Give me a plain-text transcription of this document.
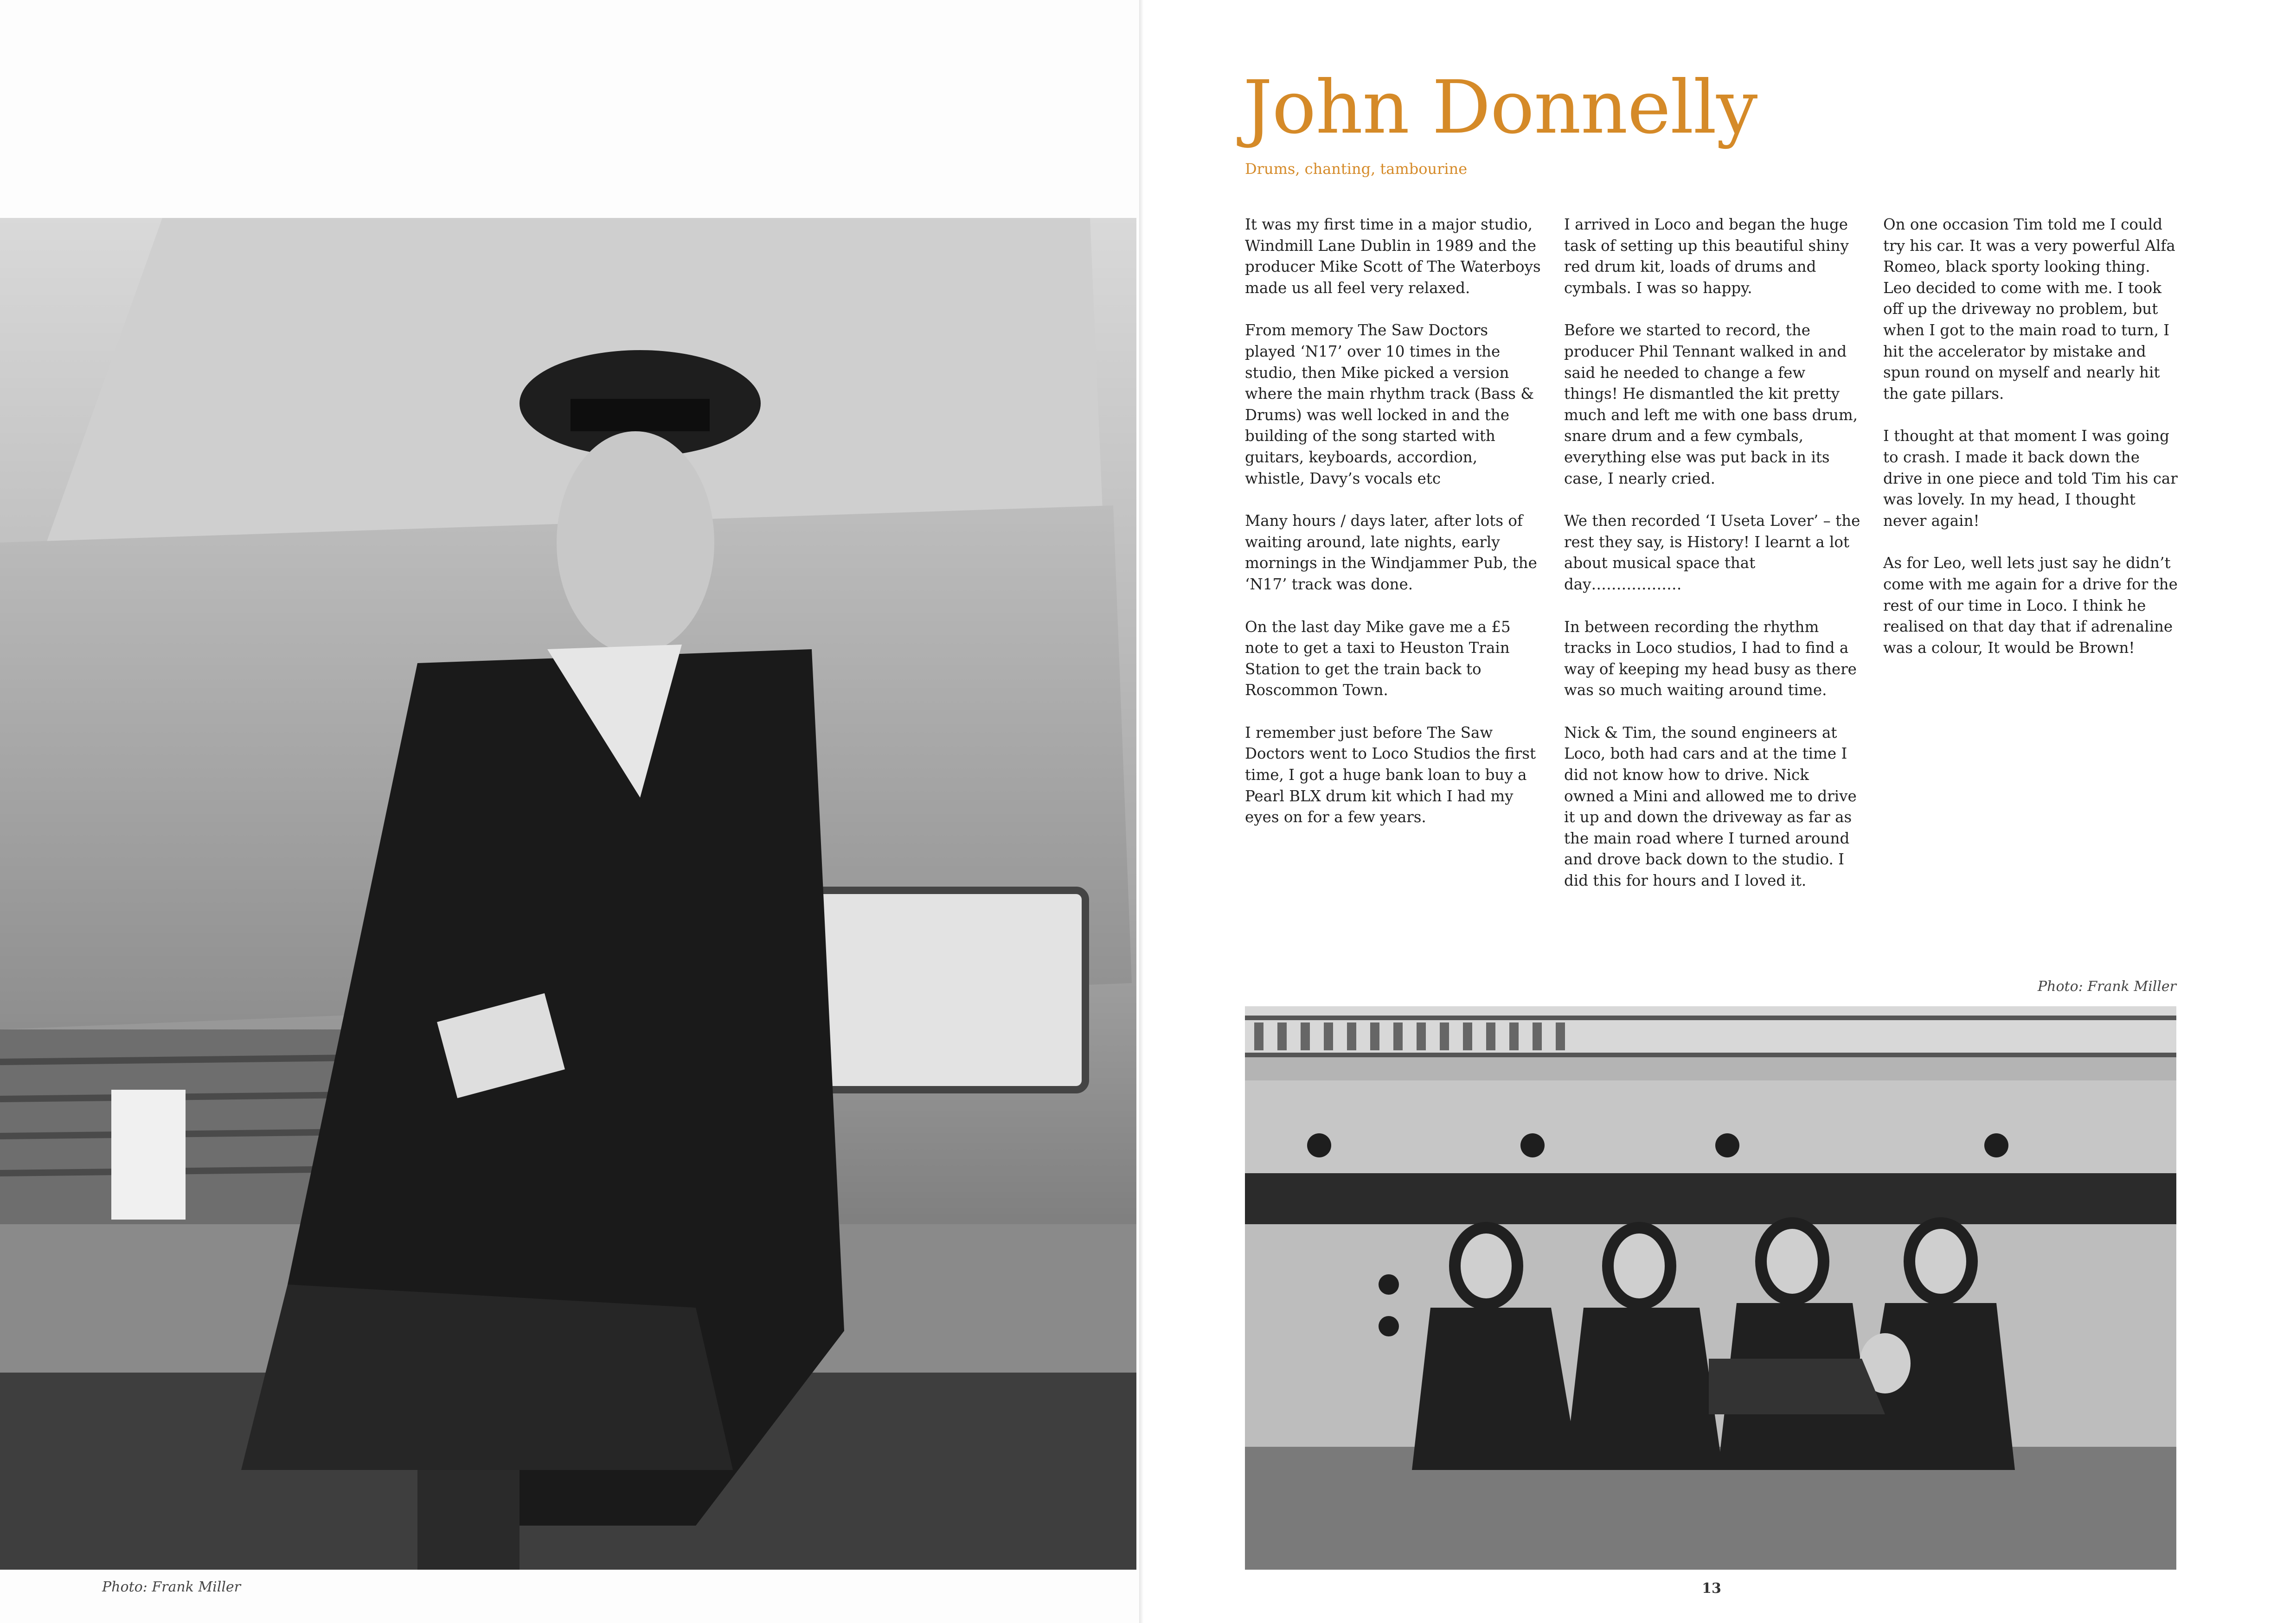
Photo: Frank Miller
John Donnelly
Drums, chanting, tambourine

It was my first time in a major studio, Windmill Lane Dublin in 1989 and the producer Mike Scott of The Waterboys made us all feel very relaxed.

From memory The Saw Doctors played ‘N17’ over 10 times in the studio, then Mike picked a version where the main rhythm track (Bass & Drums) was well locked in and the building of the song started with guitars, keyboards, accordion, whistle, Davy’s vocals etc

Many hours / days later, after lots of waiting around, late nights, early mornings in the Windjammer Pub, the ‘N17’ track was done.

On the last day Mike gave me a £5 note to get a taxi to Heuston Train Station to get the train back to Roscommon Town.

I remember just before The Saw Doctors went to Loco Studios the first time, I got a huge bank loan to buy a Pearl BLX drum kit which I had my eyes on for a few years.

I arrived in Loco and began the huge task of setting up this beautiful shiny red drum kit, loads of drums and cymbals. I was so happy.

Before we started to record, the producer Phil Tennant walked in and said he needed to change a few things! He dismantled the kit pretty much and left me with one bass drum, snare drum and a few cymbals, everything else was put back in its case, I nearly cried.

We then recorded ‘I Useta Lover’ – the rest they say, is History! I learnt a lot about musical space that day………………

In between recording the rhythm tracks in Loco studios, I had to find a way of keeping my head busy as there was so much waiting around time.

Nick & Tim, the sound engineers at Loco, both had cars and at the time I did not know how to drive. Nick owned a Mini and allowed me to drive it up and down the driveway as far as the main road where I turned around and drove back down to the studio. I did this for hours and I loved it.

On one occasion Tim told me I could try his car. It was a very powerful Alfa Romeo, black sporty looking thing. Leo decided to come with me. I took off up the driveway no problem, but when I got to the main road to turn, I hit the accelerator by mistake and spun round on myself and nearly hit the gate pillars.

I thought at that moment I was going to crash. I made it back down the drive in one piece and told Tim his car was lovely. In my head, I thought never again!

As for Leo, well lets just say he didn’t come with me again for a drive for the rest of our time in Loco. I think he realised on that day that if adrenaline was a colour, It would be Brown!

Photo: Frank Miller
13
